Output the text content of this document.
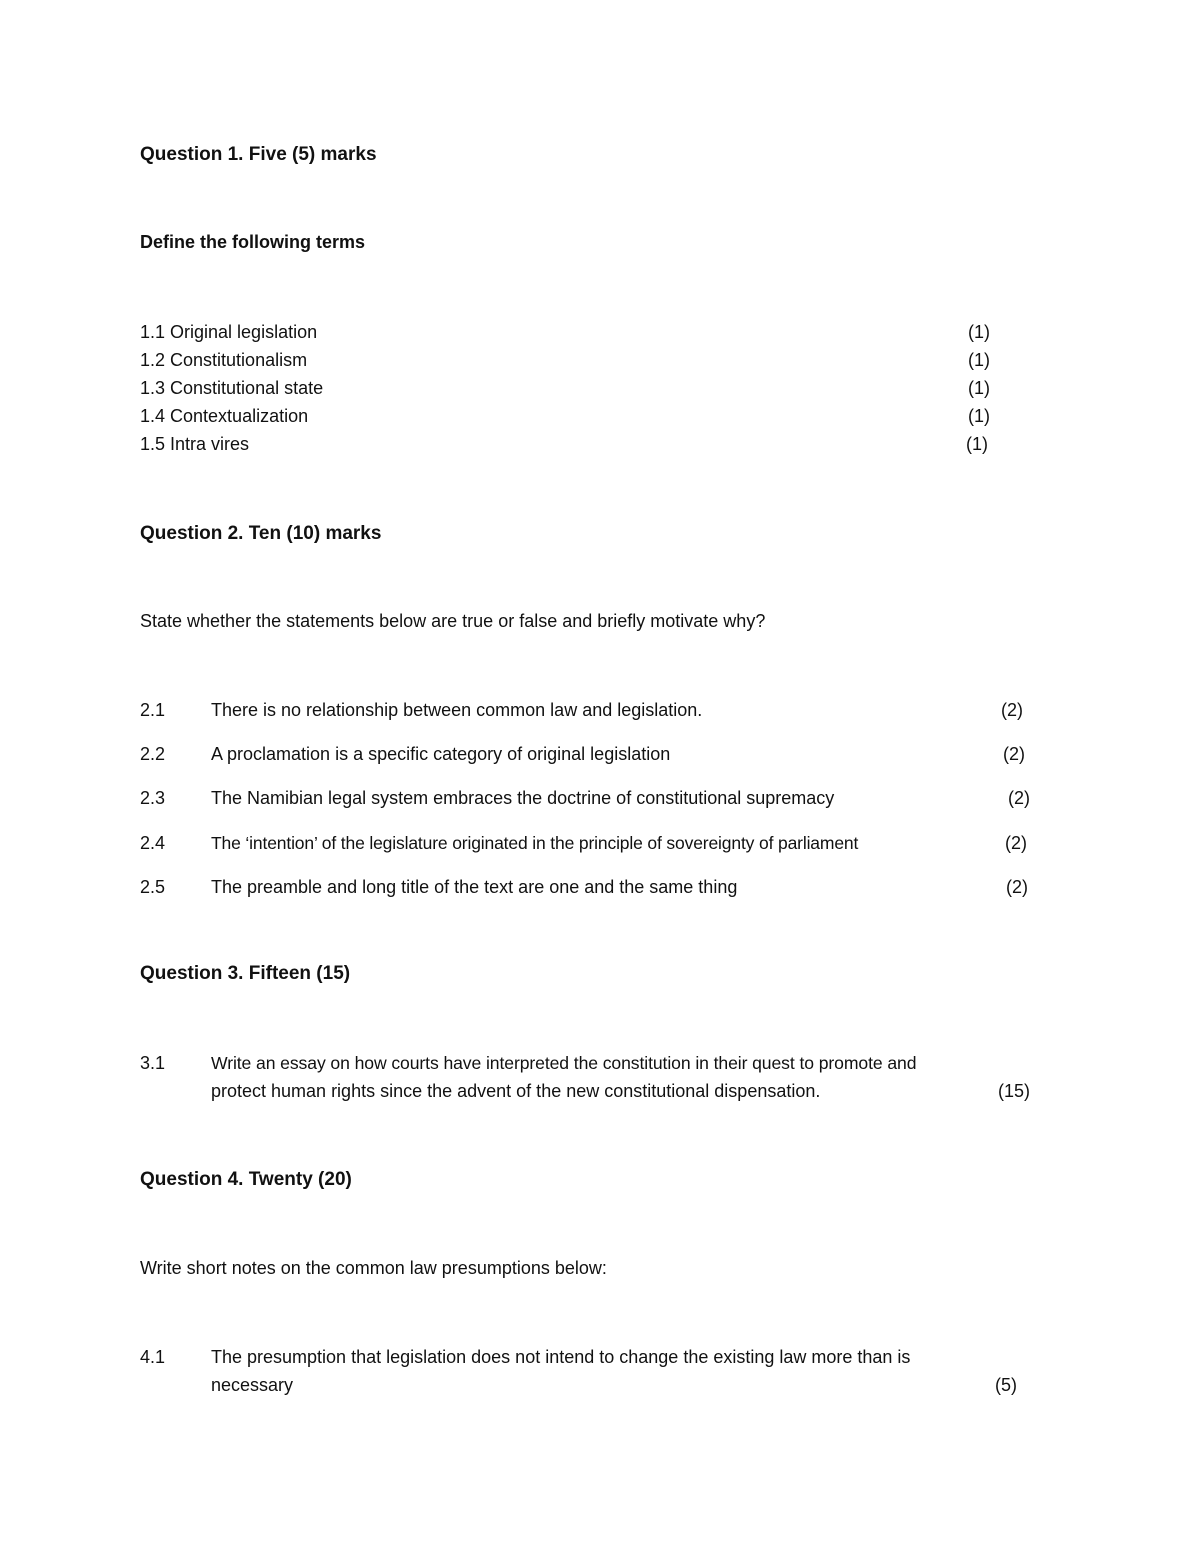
Question 1. Five (5) marks
Define the following terms
1.1 Original legislation	(1)
1.2 Constitutionalism	(1)
1.3 Constitutional state	(1)
1.4 Contextualization	(1)
1.5 Intra vires	(1)
Question 2. Ten (10) marks
State whether the statements below are true or false and briefly motivate why?
2.1	There is no relationship between common law and legislation.	(2)
2.2	A proclamation is a specific category of original legislation	(2)
2.3	The Namibian legal system embraces the doctrine of constitutional supremacy	(2)
2.4	The ‘intention’ of the legislature originated in the principle of sovereignty of parliament	(2)
2.5	The preamble and long title of the text are one and the same thing	(2)
Question 3. Fifteen (15)
3.1	Write an essay on how courts have interpreted the constitution in their quest to promote and
protect human rights since the advent of the new constitutional dispensation.	(15)
Question 4. Twenty (20)
Write short notes on the common law presumptions below:
4.1	The presumption that legislation does not intend to change the existing law more than is
necessary	(5)
